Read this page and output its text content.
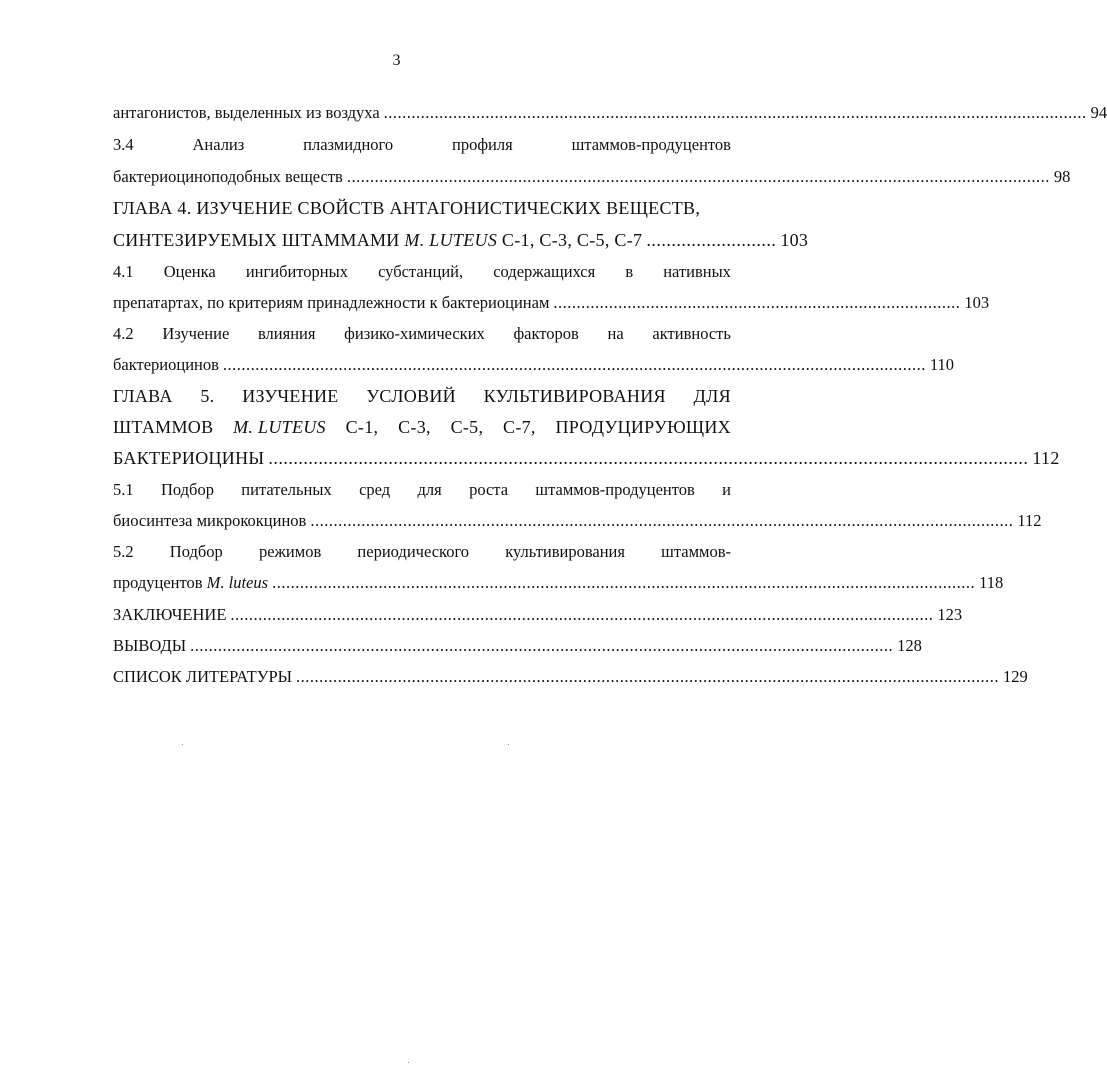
3
антагонистов, выделенных из воздуха ........................................................................................................................................................ 94
3.4	Анализ	плазмидного	профиля	штаммов-продуцентов
бактериоциноподобных веществ ........................................................................................................................................................ 98
ГЛАВА 4. ИЗУЧЕНИЕ СВОЙСТВ АНТАГОНИСТИЧЕСКИХ ВЕЩЕСТВ,
СИНТЕЗИРУЕМЫХ ШТАММАМИ M. LUTEUS С-1, С-3, С-5, С-7 .......................... 103
4.1 Оценка ингибиторных субстанций, содержащихся в нативных
препатартах, по критериям принадлежности к бактериоцинам ........................................................................................ 103
4.2 Изучение влияния физико-химических факторов на активность
бактериоцинов ........................................................................................................................................................ 110
ГЛАВА 5. ИЗУЧЕНИЕ УСЛОВИЙ КУЛЬТИВИРОВАНИЯ ДЛЯ
ШТАММОВ M. LUTEUS С-1, С-3, С-5, С-7, ПРОДУЦИРУЮЩИХ
БАКТЕРИОЦИНЫ ........................................................................................................................................................ 112
5.1 Подбор питательных сред для роста штаммов-продуцентов и
биосинтеза микрококцинов ........................................................................................................................................................ 112
5.2 Подбор режимов периодического культивирования штаммов-
продуцентов M. luteus ........................................................................................................................................................ 118
ЗАКЛЮЧЕНИЕ ........................................................................................................................................................ 123
ВЫВОДЫ ........................................................................................................................................................ 128
СПИСОК ЛИТЕРАТУРЫ ........................................................................................................................................................ 129
